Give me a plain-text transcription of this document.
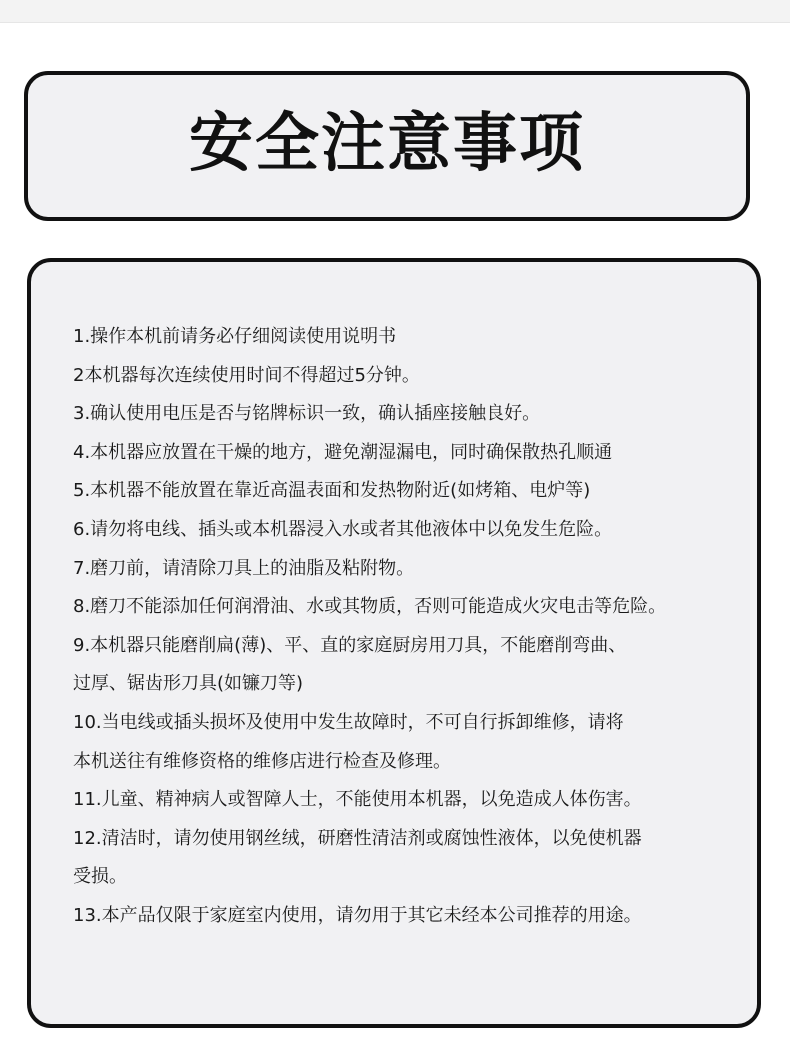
安全注意事项
1.操作本机前请务必仔细阅读使用说明书
2本机器每次连续使用时间不得超过5分钟。
3.确认使用电压是否与铭牌标识一致，确认插座接触良好。
4.本机器应放置在干燥的地方，避免潮湿漏电，同时确保散热孔顺通
5.本机器不能放置在靠近高温表面和发热物附近(如烤箱、电炉等)
6.请勿将电线、插头或本机器浸入水或者其他液体中以免发生危险。
7.磨刀前，请清除刀具上的油脂及粘附物。
8.磨刀不能添加任何润滑油、水或其物质，否则可能造成火灾电击等危险。
9.本机器只能磨削扁(薄)、平、直的家庭厨房用刀具，不能磨削弯曲、
过厚、锯齿形刀具(如镰刀等)
10.当电线或插头损坏及使用中发生故障时，不可自行拆卸维修，请将
本机送往有维修资格的维修店进行检查及修理。
11.儿童、精神病人或智障人士，不能使用本机器，以免造成人体伤害。
12.清洁时，请勿使用钢丝绒，研磨性清洁剂或腐蚀性液体，以免使机器
受损。
13.本产品仅限于家庭室内使用，请勿用于其它未经本公司推荐的用途。
